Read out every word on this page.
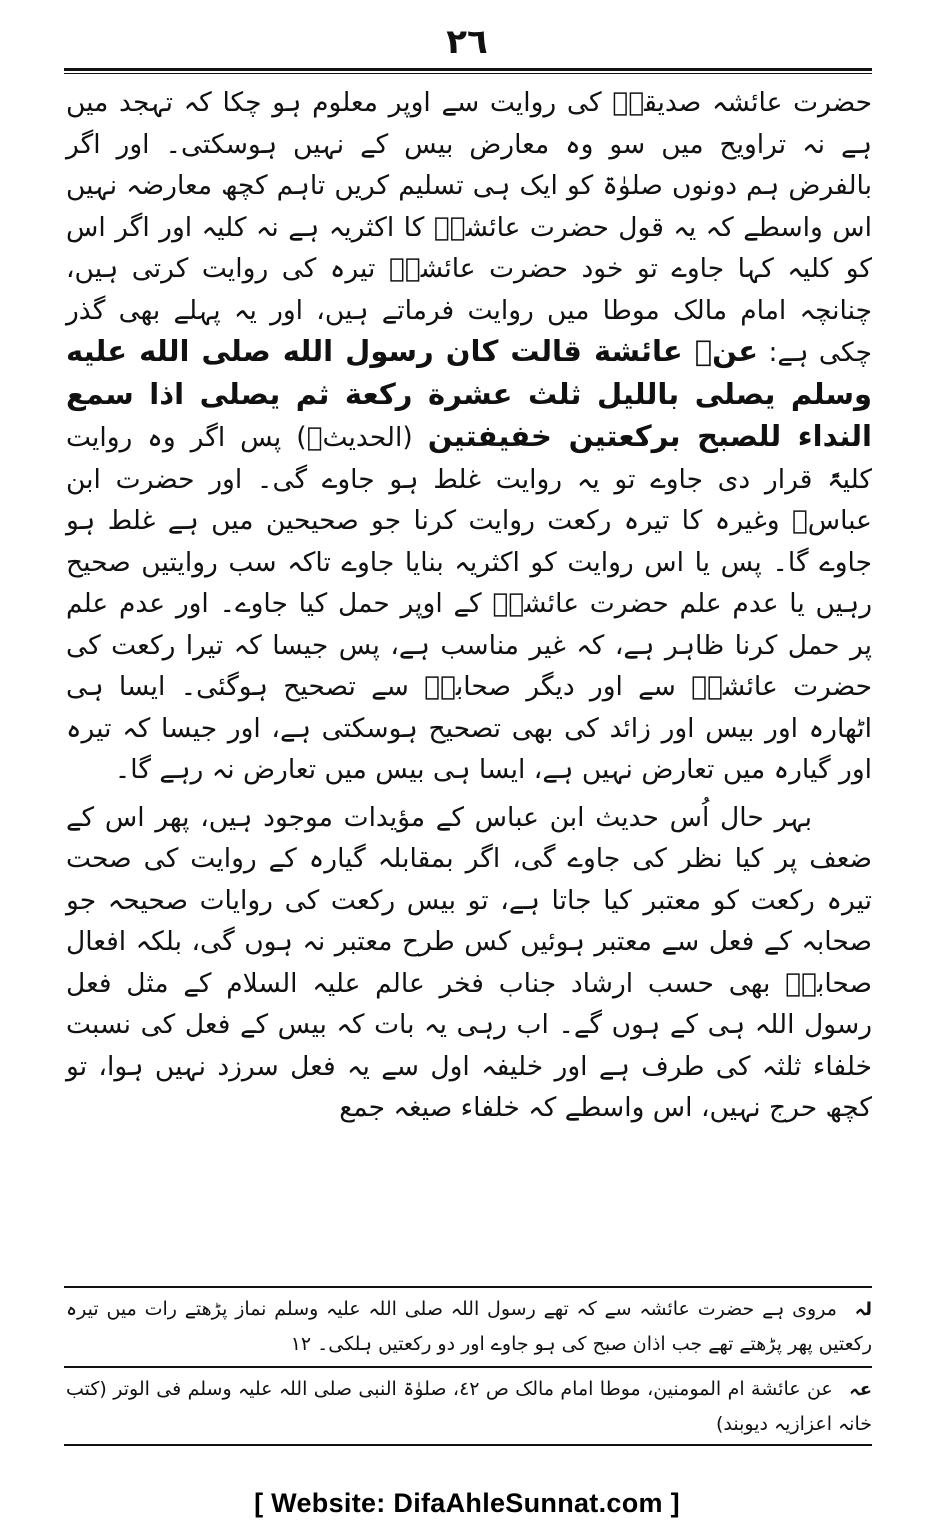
٢٦

حضرت عائشہ صدیقہؓ کی روایت سے اوپر معلوم ہو چکا کہ تہجد میں ہے نہ تراویح میں سو وہ معارض بیس کے نہیں ہوسکتی۔ اور اگر بالفرض ہم دونوں صلوٰۃ کو ایک ہی تسلیم کریں تاہم کچھ معارضہ نہیں اس واسطے کہ یہ قول حضرت عائشہؓ کا اکثریہ ہے نہ کلیہ اور اگر اس کو کلیہ کہا جاوے تو خود حضرت عائشہؓ تیرہ کی روایت کرتی ہیں، چنانچہ امام مالک موطا میں روایت فرماتے ہیں، اور یہ پہلے بھی گذر چکی ہے: عنؓ عائشة قالت كان رسول الله صلى الله عليه وسلم يصلى بالليل ثلث عشرة ركعة ثم يصلى اذا سمع النداء للصبح بركعتين خفيفتين (الحدیثؓ) پس اگر وہ روایت کلیۃً قرار دی جاوے تو یہ روایت غلط ہو جاوے گی۔ اور حضرت ابن عباسؓ وغیرہ کا تیرہ رکعت روایت کرنا جو صحیحین میں ہے غلط ہو جاوے گا۔ پس یا اس روایت کو اکثریہ بنایا جاوے تاکہ سب روایتیں صحیح رہیں یا عدم علم حضرت عائشہؓ کے اوپر حمل کیا جاوے۔ اور عدم علم پر حمل کرنا ظاہر ہے، کہ غیر مناسب ہے، پس جیسا کہ تیرا رکعت کی حضرت عائشہؓ سے اور دیگر صحابہؓ سے تصحیح ہوگئی۔ ایسا ہی اٹھارہ اور بیس اور زائد کی بھی تصحیح ہوسکتی ہے، اور جیسا کہ تیرہ اور گیارہ میں تعارض نہیں ہے، ایسا ہی بیس میں تعارض نہ رہے گا۔

بہر حال اُس حدیث ابن عباس کے مؤیدات موجود ہیں، پھر اس کے ضعف پر کیا نظر کی جاوے گی، اگر بمقابلہ گیارہ کے روایت کی صحت تیرہ رکعت کو معتبر کیا جاتا ہے، تو بیس رکعت کی روایات صحیحہ جو صحابہ کے فعل سے معتبر ہوئیں کس طرح معتبر نہ ہوں گی، بلکہ افعال صحابہؓ بھی حسب ارشاد جناب فخر عالم علیہ السلام کے مثل فعل رسول اللہ ہی کے ہوں گے۔ اب رہی یہ بات کہ بیس کے فعل کی نسبت خلفاء ثلثہ کی طرف ہے اور خلیفہ اول سے یہ فعل سرزد نہیں ہوا، تو کچھ حرج نہیں، اس واسطے کہ خلفاء صیغہ جمع

لہ مروی ہے حضرت عائشہ سے کہ تھے رسول اللہ صلی اللہ علیہ وسلم نماز پڑھتے رات میں تیرہ رکعتیں پھر پڑھتے تھے جب اذان صبح کی ہو جاوے اور دو رکعتیں ہلکی۔ ١٢
عہ عن عائشة ام المومنين، موطا امام مالک ص ٤٢، صلوٰۃ النبی صلی اللہ علیہ وسلم فی الوتر (کتب خانہ اعزازیہ دیوبند)
[ Website: DifaAhleSunnat.com ]
